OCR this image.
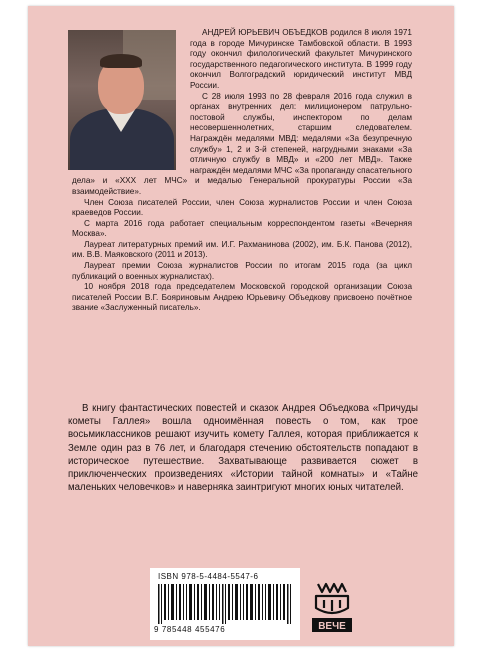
АНДРЕЙ ЮРЬЕВИЧ ОБЪЕДКОВ родился 8 июля 1971 года в городе Мичуринске Тамбовской области. В 1993 году окончил филологический факультет Мичуринского государственного педагогического института. В 1999 году окончил Волгоградский юридический институт МВД России.

С 28 июля 1993 по 28 февраля 2016 года служил в органах внутренних дел: милиционером патрульно-постовой службы, инспектором по делам несовершеннолетних, старшим следователем. Награждён медалями МВД: медалями «За безупречную службу» 1, 2 и 3-й степеней, нагрудными знаками «За отличную службу в МВД» и «200 лет МВД». Также награждён медалями МЧС «За пропаганду спасательного дела» и «XXX лет МЧС» и медалью Генеральной прокуратуры России «За взаимодействие».

Член Союза писателей России, член Союза журналистов России и член Союза краеведов России.

С марта 2016 года работает специальным корреспондентом газеты «Вечерняя Москва».

Лауреат литературных премий им. И.Г. Рахманинова (2002), им. Б.К. Панова (2012), им. В.В. Маяковского (2011 и 2013).

Лауреат премии Союза журналистов России по итогам 2015 года (за цикл публикаций о военных журналистах).

10 ноября 2018 года председателем Московской городской организации Союза писателей России В.Г. Бояриновым Андрею Юрьевичу Объедкову присвоено почётное звание «Заслуженный писатель».

В книгу фантастических повестей и сказок Андрея Объедкова «Причуды кометы Галлея» вошла одноимённая повесть о том, как трое восьмиклассников решают изучить комету Галлея, которая приближается к Земле один раз в 76 лет, и благодаря стечению обстоятельств попадают в историческое путешествие. Захватывающе развивается сюжет в приключенческих произведениях «Истории тайной комнаты» и «Тайне маленьких человечков» и наверняка заинтригуют многих юных читателей.

ISBN 978-5-4484-5547-6
9 785448 455476	ВЕЧЕ
